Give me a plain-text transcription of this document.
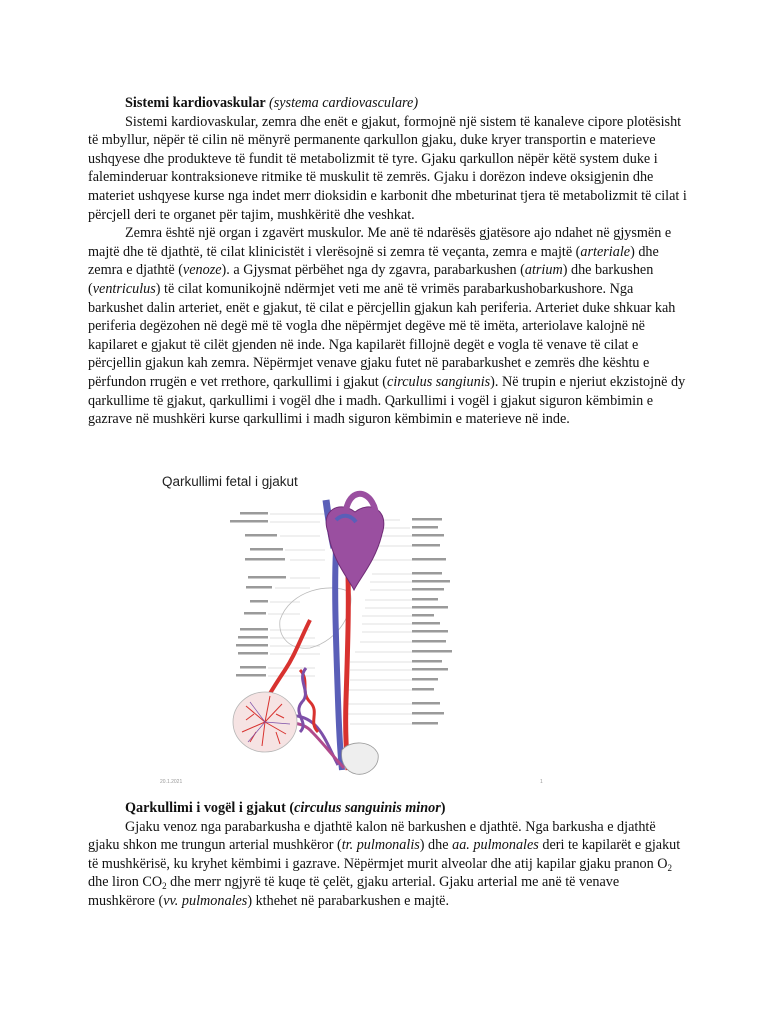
Sistemi kardiovaskular (systema cardiovasculare)

Sistemi kardiovaskular, zemra dhe enët e gjakut, formojnë një sistem të kanaleve cipore plotësisht të mbyllur, nëpër të cilin në mënyrë permanente qarkullon gjaku, duke kryer transportin e materieve ushqyese dhe produkteve të fundit të metabolizmit të tyre. Gjaku qarkullon nëpër këtë system duke i faleminderuar kontraksioneve ritmike të muskulit të zemrës. Gjaku i dorëzon indeve oksigjenin dhe materiet ushqyese kurse nga indet merr dioksidin e karbonit dhe mbeturinat tjera të metabolizmit të cilat i përcjell deri te organet për tajim, mushkëritë dhe veshkat.

Zemra është një organ i zgavërt muskulor. Me anë të ndarësës gjatësore ajo ndahet në gjysmën e majtë dhe të djathtë, të cilat klinicistët i vlerësojnë si zemra të veçanta, zemra e majtë (arteriale) dhe zemra e djathtë (venoze). a Gjysmat përbëhet nga dy zgavra, parabarkushen (atrium) dhe barkushen (ventriculus) të cilat komunikojnë ndërmjet veti me anë të vrimës parabarkushobarkushore. Nga barkushet dalin arteriet, enët e gjakut, të cilat e përcjellin gjakun kah periferia. Arteriet duke shkuar kah periferia degëzohen në degë më të vogla dhe nëpërmjet degëve më të imëta, arteriolave kalojnë në kapilaret e gjakut të cilët gjenden në inde. Nga kapilarët fillojnë degët e vogla të venave të cilat e përcjellin gjakun kah zemra. Nëpërmjet venave gjaku futet në parabarkushet e zemrës dhe kështu e përfundon rrugën e vet rrethore, qarkullimi i gjakut (circulus sangiunis). Në trupin e njeriut ekzistojnë dy qarkullime të gjakut, qarkullimi i vogël dhe i madh. Qarkullimi i vogël i gjakut siguron këmbimin e gazrave në mushkëri kurse qarkullimi i madh siguron këmbimin e materieve në inde.

Qarkullimi fetal i gjakut
20.1.2021	1

Qarkullimi i vogël i gjakut (circulus sanguinis minor)

Gjaku venoz nga parabarkusha e djathtë kalon në barkushen e djathtë. Nga barkusha e djathtë gjaku shkon me trungun arterial mushkëror (tr. pulmonalis) dhe aa. pulmonales deri te kapilarët e gjakut të mushkërisë, ku kryhet këmbimi i gazrave. Nëpërmjet murit alveolar dhe atij kapilar gjaku pranon $O_2$ dhe liron $CO_2$ dhe merr ngjyrë të kuqe të çelët, gjaku arterial. Gjaku arterial me anë të venave mushkërore (vv. pulmonales) kthehet në parabarkushen e majtë.
